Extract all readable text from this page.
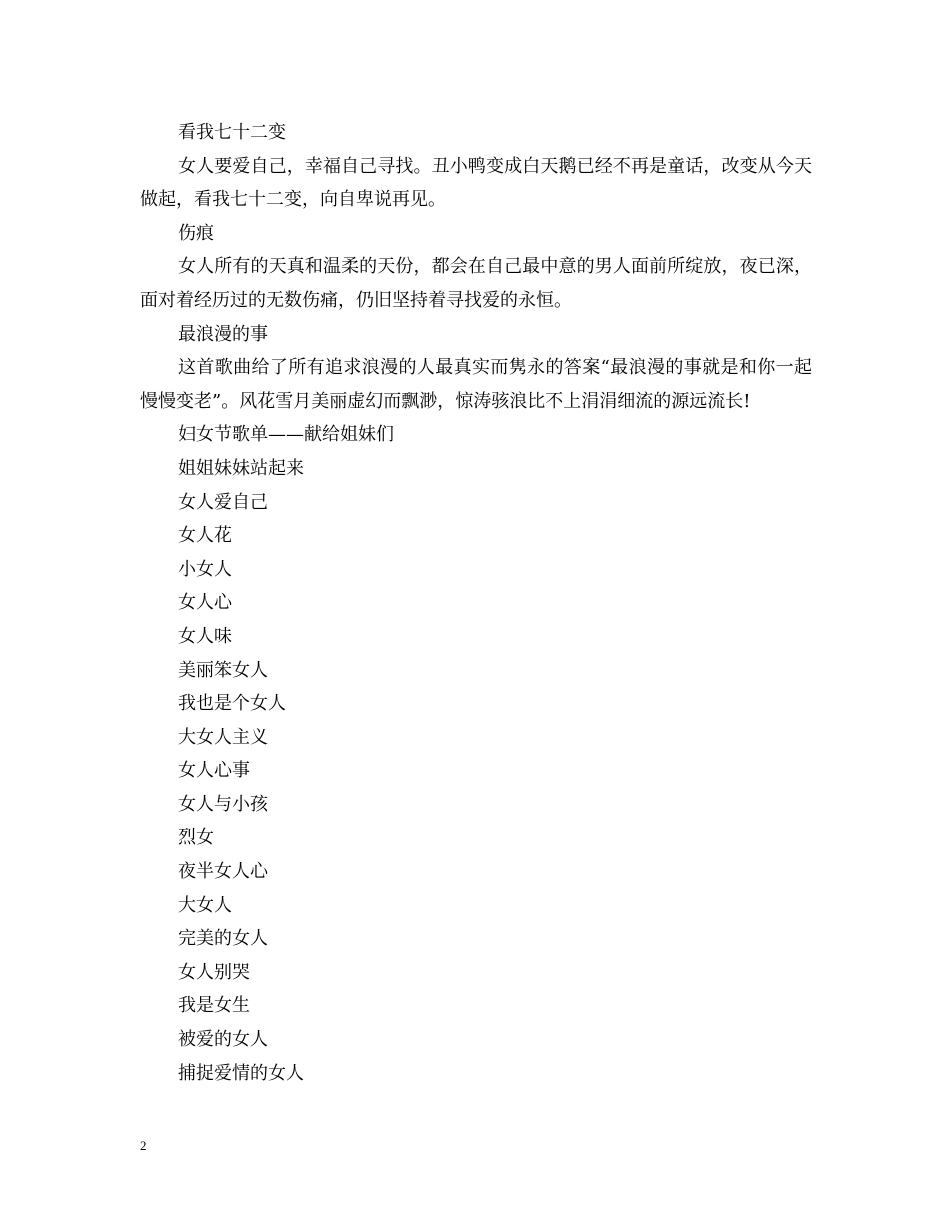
看我七十二变

女人要爱自己，幸福自己寻找。丑小鸭变成白天鹅已经不再是童话，改变从今天做起，看我七十二变，向自卑说再见。

伤痕

女人所有的天真和温柔的天份，都会在自己最中意的男人面前所绽放，夜已深，面对着经历过的无数伤痛，仍旧坚持着寻找爱的永恒。

最浪漫的事

这首歌曲给了所有追求浪漫的人最真实而隽永的答案“最浪漫的事就是和你一起慢慢变老”。风花雪月美丽虚幻而飘渺，惊涛骇浪比不上涓涓细流的源远流长!

妇女节歌单——献给姐妹们

姐姐妹妹站起来

女人爱自己

女人花

小女人

女人心

女人味

美丽笨女人

我也是个女人

大女人主义

女人心事

女人与小孩

烈女

夜半女人心

大女人

完美的女人

女人别哭

我是女生

被爱的女人

捕捉爱情的女人

2
